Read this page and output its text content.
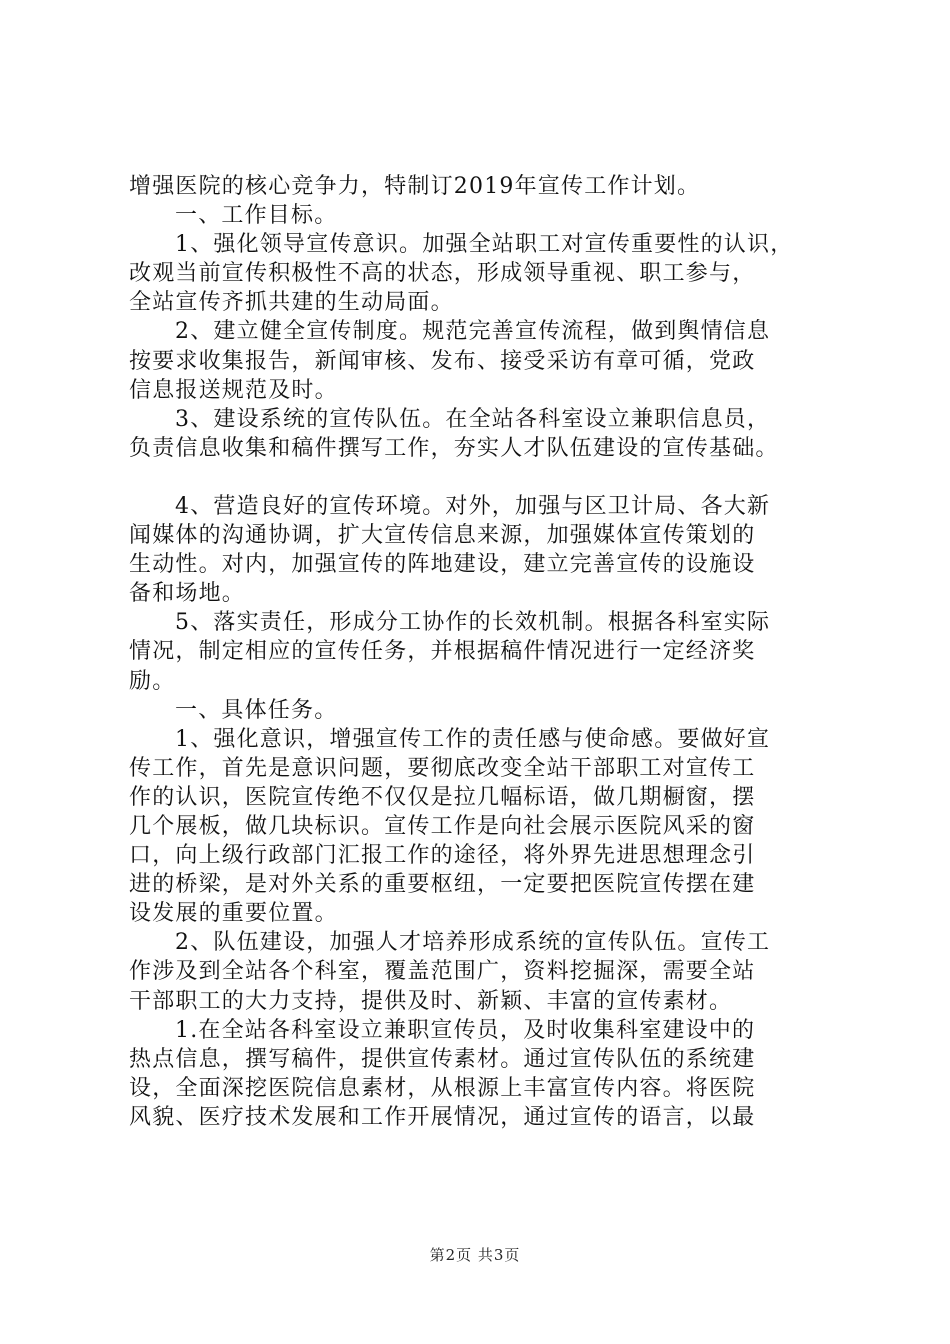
增强医院的核心竞争力，特制订2019年宣传工作计划。

一、工作目标。

1、强化领导宣传意识。加强全站职工对宣传重要性的认识，

改观当前宣传积极性不高的状态，形成领导重视、职工参与，

全站宣传齐抓共建的生动局面。

2、建立健全宣传制度。规范完善宣传流程，做到舆情信息

按要求收集报告，新闻审核、发布、接受采访有章可循，党政

信息报送规范及时。

3、建设系统的宣传队伍。在全站各科室设立兼职信息员，

负责信息收集和稿件撰写工作，夯实人才队伍建设的宣传基础。

4、营造良好的宣传环境。对外，加强与区卫计局、各大新

闻媒体的沟通协调，扩大宣传信息来源，加强媒体宣传策划的

生动性。对内，加强宣传的阵地建设，建立完善宣传的设施设

备和场地。

5、落实责任，形成分工协作的长效机制。根据各科室实际

情况，制定相应的宣传任务，并根据稿件情况进行一定经济奖

励。

一、具体任务。

1、强化意识，增强宣传工作的责任感与使命感。要做好宣

传工作，首先是意识问题，要彻底改变全站干部职工对宣传工

作的认识，医院宣传绝不仅仅是拉几幅标语，做几期橱窗，摆

几个展板，做几块标识。宣传工作是向社会展示医院风采的窗

口，向上级行政部门汇报工作的途径，将外界先进思想理念引

进的桥梁，是对外关系的重要枢纽，一定要把医院宣传摆在建

设发展的重要位置。

2、队伍建设，加强人才培养形成系统的宣传队伍。宣传工

作涉及到全站各个科室，覆盖范围广，资料挖掘深，需要全站

干部职工的大力支持，提供及时、新颖、丰富的宣传素材。

1.在全站各科室设立兼职宣传员，及时收集科室建设中的

热点信息，撰写稿件，提供宣传素材。通过宣传队伍的系统建

设，全面深挖医院信息素材，从根源上丰富宣传内容。将医院

风貌、医疗技术发展和工作开展情况，通过宣传的语言，以最

第2页 共3页
